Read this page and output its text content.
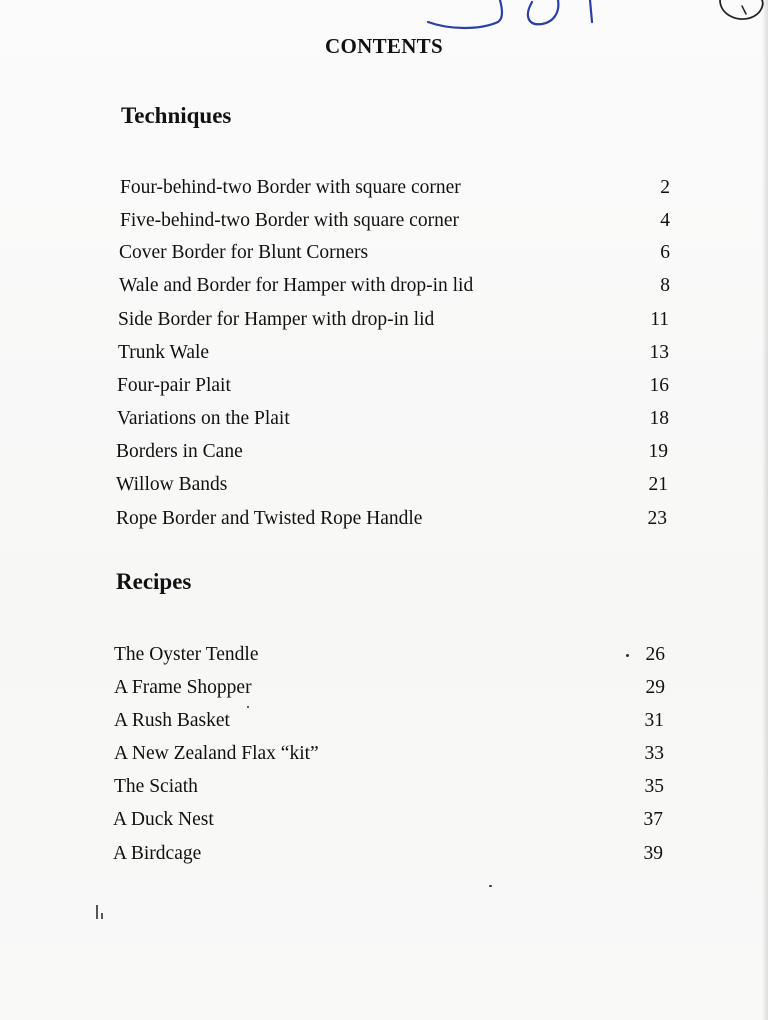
CONTENTS
Techniques
Four-behind-two Border with square corner	2
Five-behind-two Border with square corner	4
Cover Border for Blunt Corners	6
Wale and Border for Hamper with drop-in lid	8
Side Border for Hamper with drop-in lid	11
Trunk Wale	13
Four-pair Plait	16
Variations on the Plait	18
Borders in Cane	19
Willow Bands	21
Rope Border and Twisted Rope Handle	23
Recipes
The Oyster Tendle	26
A Frame Shopper	29
A Rush Basket	31
A New Zealand Flax “kit”	33
The Sciath	35
A Duck Nest	37
A Birdcage	39
